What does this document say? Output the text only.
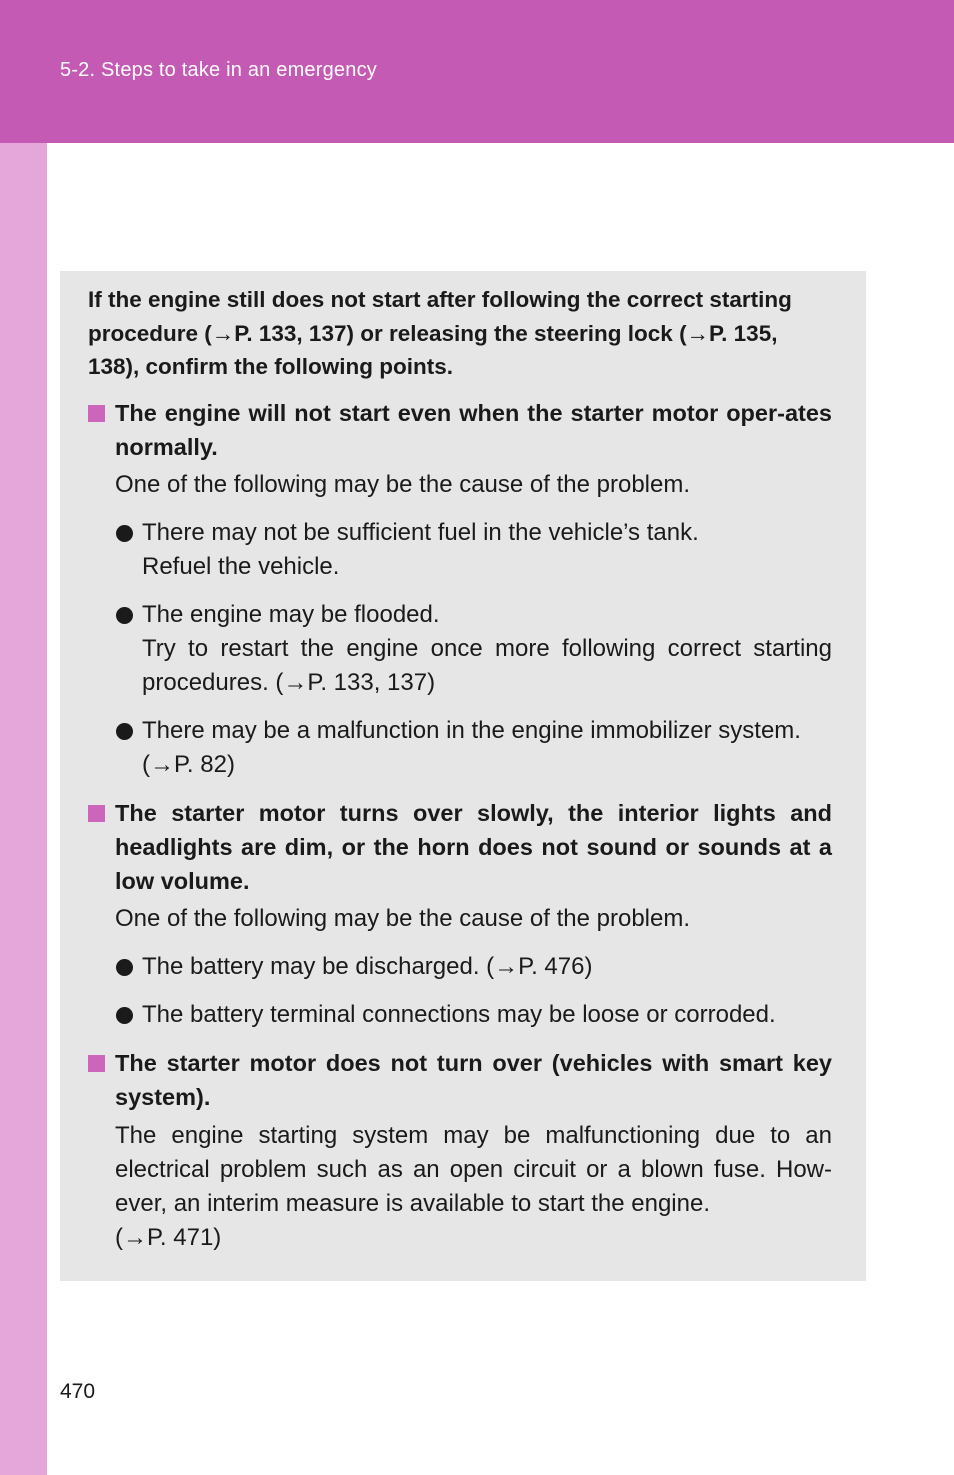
5-2. Steps to take in an emergency
If the engine still does not start after following the correct starting procedure (→P. 133, 137) or releasing the steering lock (→P. 135, 138), confirm the following points.
The engine will not start even when the starter motor oper-ates normally.
One of the following may be the cause of the problem.
There may not be sufficient fuel in the vehicle’s tank.
Refuel the vehicle.
The engine may be flooded.
Try to restart the engine once more following correct starting procedures. (→P. 133, 137)
There may be a malfunction in the engine immobilizer system.
(→P. 82)
The starter motor turns over slowly, the interior lights and headlights are dim, or the horn does not sound or sounds at a low volume.
One of the following may be the cause of the problem.
The battery may be discharged. (→P. 476)
The battery terminal connections may be loose or corroded.
The starter motor does not turn over (vehicles with smart key system).
The engine starting system may be malfunctioning due to an electrical problem such as an open circuit or a blown fuse. How-ever, an interim measure is available to start the engine.
(→P. 471)
470
